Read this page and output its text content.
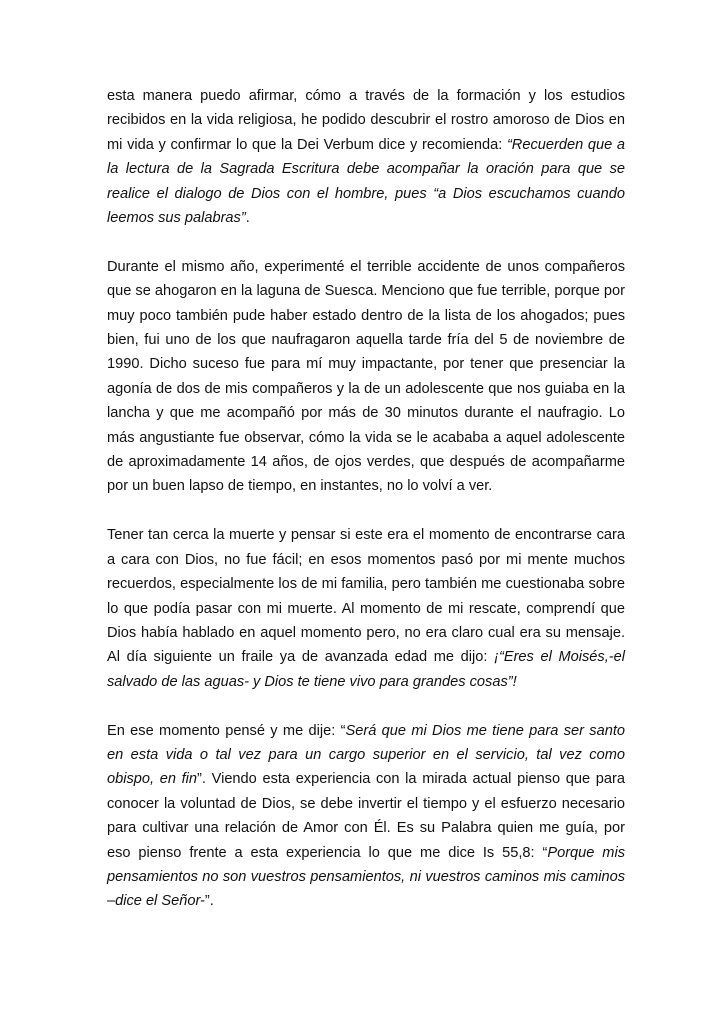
esta manera puedo afirmar, cómo a través de la formación y los estudios recibidos en la vida religiosa, he podido descubrir el rostro amoroso de Dios en mi vida y confirmar lo que la Dei Verbum dice y recomienda: “Recuerden que a la lectura de la Sagrada Escritura debe acompañar la oración para que se realice el dialogo de Dios con el hombre, pues “a Dios escuchamos cuando leemos sus palabras”.

Durante el mismo año, experimenté el terrible accidente de unos compañeros que se ahogaron en la laguna de Suesca. Menciono que fue terrible, porque por muy poco también pude haber estado dentro de la lista de los ahogados; pues bien, fui uno de los que naufragaron aquella tarde fría del 5 de noviembre de 1990. Dicho suceso fue para mí muy impactante, por tener que presenciar la agonía de dos de mis compañeros y la de un adolescente que nos guiaba en la lancha y que me acompañó por más de 30 minutos durante el naufragio. Lo más angustiante fue observar, cómo la vida se le acababa a aquel adolescente de aproximadamente 14 años, de ojos verdes, que después de acompañarme por un buen lapso de tiempo, en instantes, no lo volví a ver.

Tener tan cerca la muerte y pensar si este era el momento de encontrarse cara a cara con Dios, no fue fácil; en esos momentos pasó por mi mente muchos recuerdos, especialmente los de mi familia, pero también me cuestionaba sobre lo que podía pasar con mi muerte. Al momento de mi rescate, comprendí que Dios había hablado en aquel momento pero, no era claro cual era su mensaje. Al día siguiente un fraile ya de avanzada edad me dijo: ¡“Eres el Moisés,-el salvado de las aguas- y Dios te tiene vivo para grandes cosas”!

En ese momento pensé y me dije: “Será que mi Dios me tiene para ser santo en esta vida o tal vez para un cargo superior en el servicio, tal vez como obispo, en fin”. Viendo esta experiencia con la mirada actual pienso que para conocer la voluntad de Dios, se debe invertir el tiempo y el esfuerzo necesario para cultivar una relación de Amor con Él. Es su Palabra quien me guía, por eso pienso frente a esta experiencia lo que me dice Is 55,8: “Porque mis pensamientos no son vuestros pensamientos, ni vuestros caminos mis caminos –dice el Señor-”.
